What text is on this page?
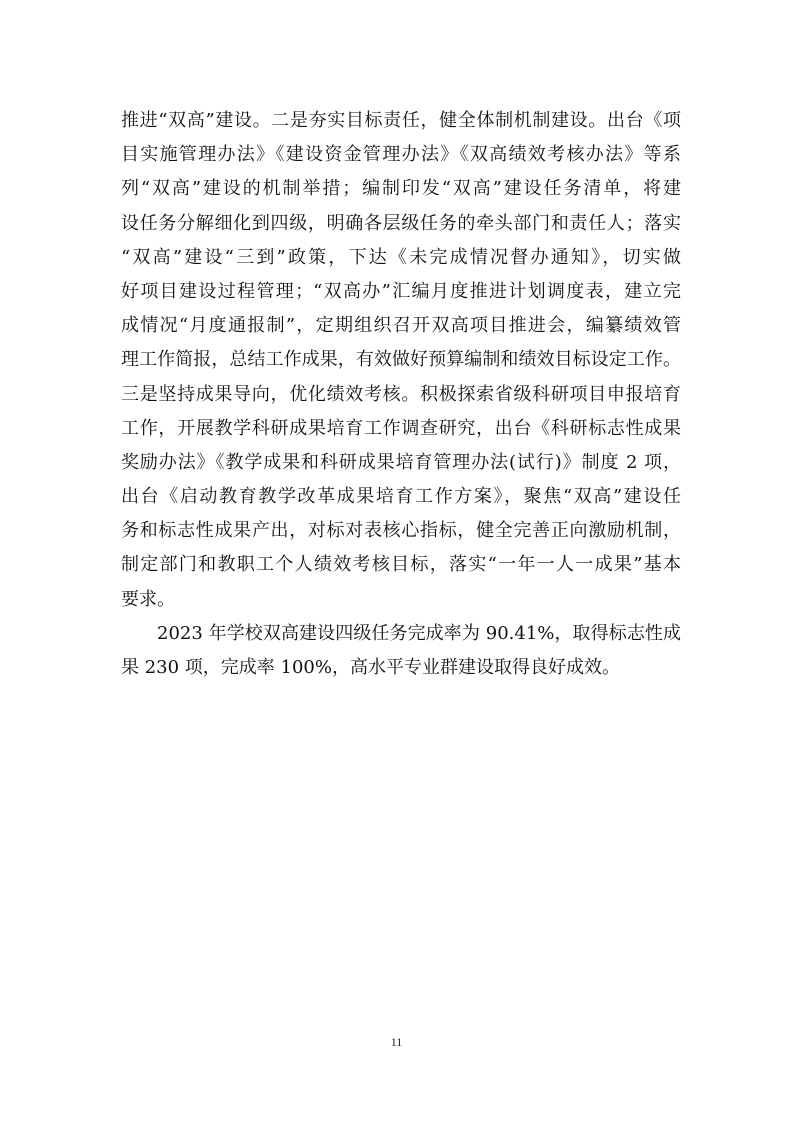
推进“双高”建设。二是夯实目标责任，健全体制机制建设。出台《项
目实施管理办法》《建设资金管理办法》《双高绩效考核办法》等系
列“双高”建设的机制举措；编制印发“双高”建设任务清单，将建
设任务分解细化到四级，明确各层级任务的牵头部门和责任人；落实
“双高”建设“三到”政策，下达《未完成情况督办通知》，切实做
好项目建设过程管理；“双高办”汇编月度推进计划调度表，建立完
成情况“月度通报制”，定期组织召开双高项目推进会，编纂绩效管
理工作简报，总结工作成果，有效做好预算编制和绩效目标设定工作。
三是坚持成果导向，优化绩效考核。积极探索省级科研项目申报培育
工作，开展教学科研成果培育工作调查研究，出台《科研标志性成果
奖励办法》《教学成果和科研成果培育管理办法(试行)》制度 2 项，
出台《启动教育教学改革成果培育工作方案》，聚焦“双高”建设任
务和标志性成果产出，对标对表核心指标，健全完善正向激励机制，
制定部门和教职工个人绩效考核目标，落实“一年一人一成果”基本
要求。
2023 年学校双高建设四级任务完成率为 90.41%，取得标志性成
果 230 项，完成率 100%，高水平专业群建设取得良好成效。
11
